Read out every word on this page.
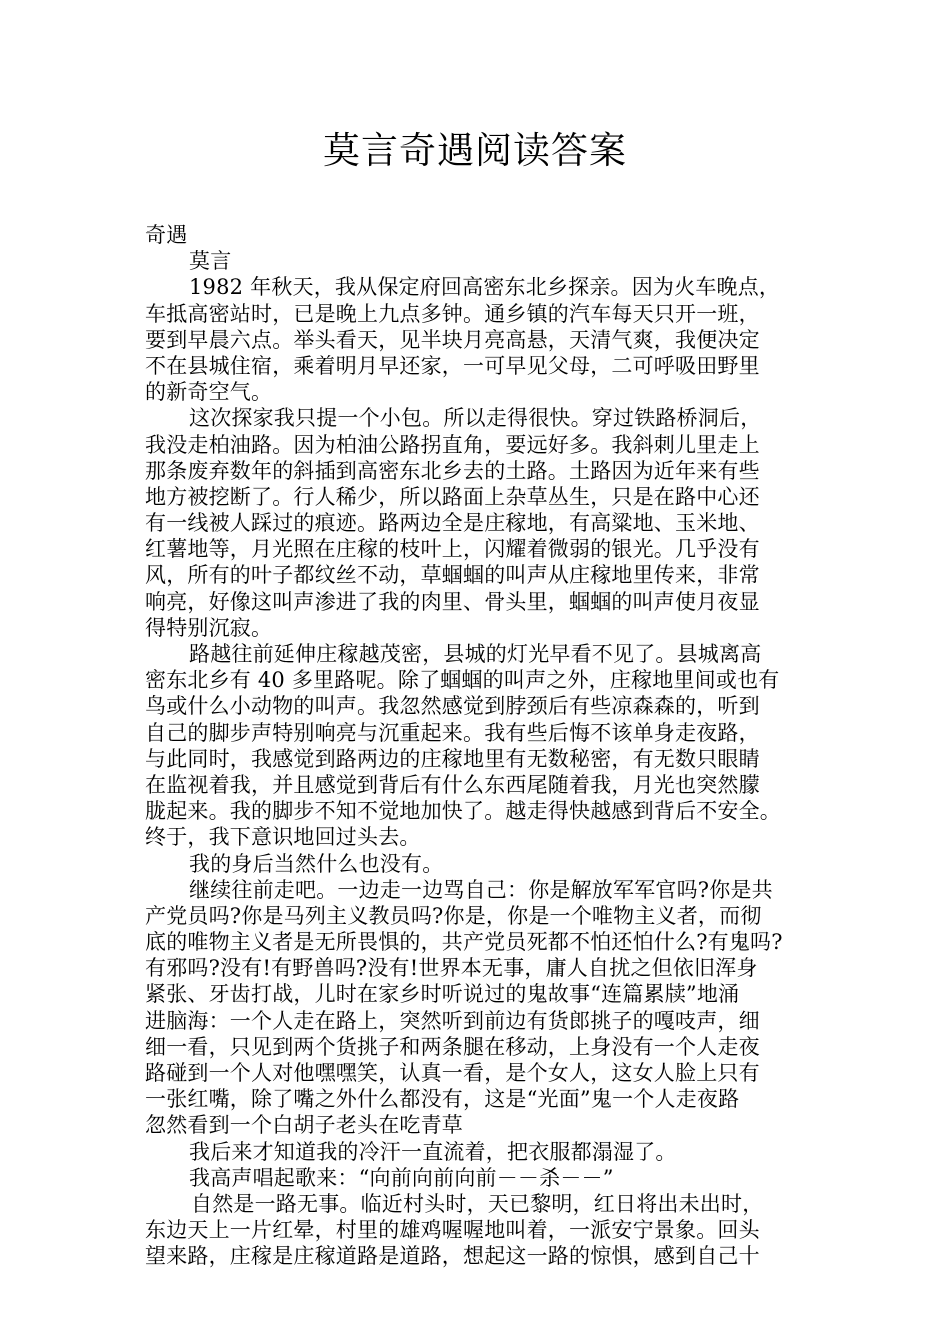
莫言奇遇阅读答案
奇遇
莫言
1982 年秋天，我从保定府回高密东北乡探亲。因为火车晚点，
车抵高密站时，已是晚上九点多钟。通乡镇的汽车每天只开一班，
要到早晨六点。举头看天，见半块月亮高悬，天清气爽，我便决定
不在县城住宿，乘着明月早还家，一可早见父母，二可呼吸田野里
的新奇空气。
这次探家我只提一个小包。所以走得很快。穿过铁路桥洞后，
我没走柏油路。因为柏油公路拐直角，要远好多。我斜刺儿里走上
那条废弃数年的斜插到高密东北乡去的土路。土路因为近年来有些
地方被挖断了。行人稀少，所以路面上杂草丛生，只是在路中心还
有一线被人踩过的痕迹。路两边全是庄稼地，有高粱地、玉米地、
红薯地等，月光照在庄稼的枝叶上，闪耀着微弱的银光。几乎没有
风，所有的叶子都纹丝不动，草蝈蝈的叫声从庄稼地里传来，非常
响亮，好像这叫声渗进了我的肉里、骨头里，蝈蝈的叫声使月夜显
得特别沉寂。
路越往前延伸庄稼越茂密，县城的灯光早看不见了。县城离高
密东北乡有 40 多里路呢。除了蝈蝈的叫声之外，庄稼地里间或也有
鸟或什么小动物的叫声。我忽然感觉到脖颈后有些凉森森的，听到
自己的脚步声特别响亮与沉重起来。我有些后悔不该单身走夜路，
与此同时，我感觉到路两边的庄稼地里有无数秘密，有无数只眼睛
在监视着我，并且感觉到背后有什么东西尾随着我，月光也突然朦
胧起来。我的脚步不知不觉地加快了。越走得快越感到背后不安全。
终于，我下意识地回过头去。
我的身后当然什么也没有。
继续往前走吧。一边走一边骂自己：你是解放军军官吗?你是共
产党员吗?你是马列主义教员吗?你是，你是一个唯物主义者，而彻
底的唯物主义者是无所畏惧的，共产党员死都不怕还怕什么?有鬼吗?
有邪吗?没有!有野兽吗?没有!世界本无事，庸人自扰之但依旧浑身
紧张、牙齿打战，儿时在家乡时听说过的鬼故事“连篇累牍”地涌
进脑海：一个人走在路上，突然听到前边有货郎挑子的嘎吱声，细
细一看，只见到两个货挑子和两条腿在移动，上身没有一个人走夜
路碰到一个人对他嘿嘿笑，认真一看，是个女人，这女人脸上只有
一张红嘴，除了嘴之外什么都没有，这是“光面”鬼一个人走夜路
忽然看到一个白胡子老头在吃青草
我后来才知道我的冷汗一直流着，把衣服都溻湿了。
我高声唱起歌来：“向前向前向前－－杀－－”
自然是一路无事。临近村头时，天已黎明，红日将出未出时，
东边天上一片红晕，村里的雄鸡喔喔地叫着，一派安宁景象。回头
望来路，庄稼是庄稼道路是道路，想起这一路的惊惧，感到自己十
